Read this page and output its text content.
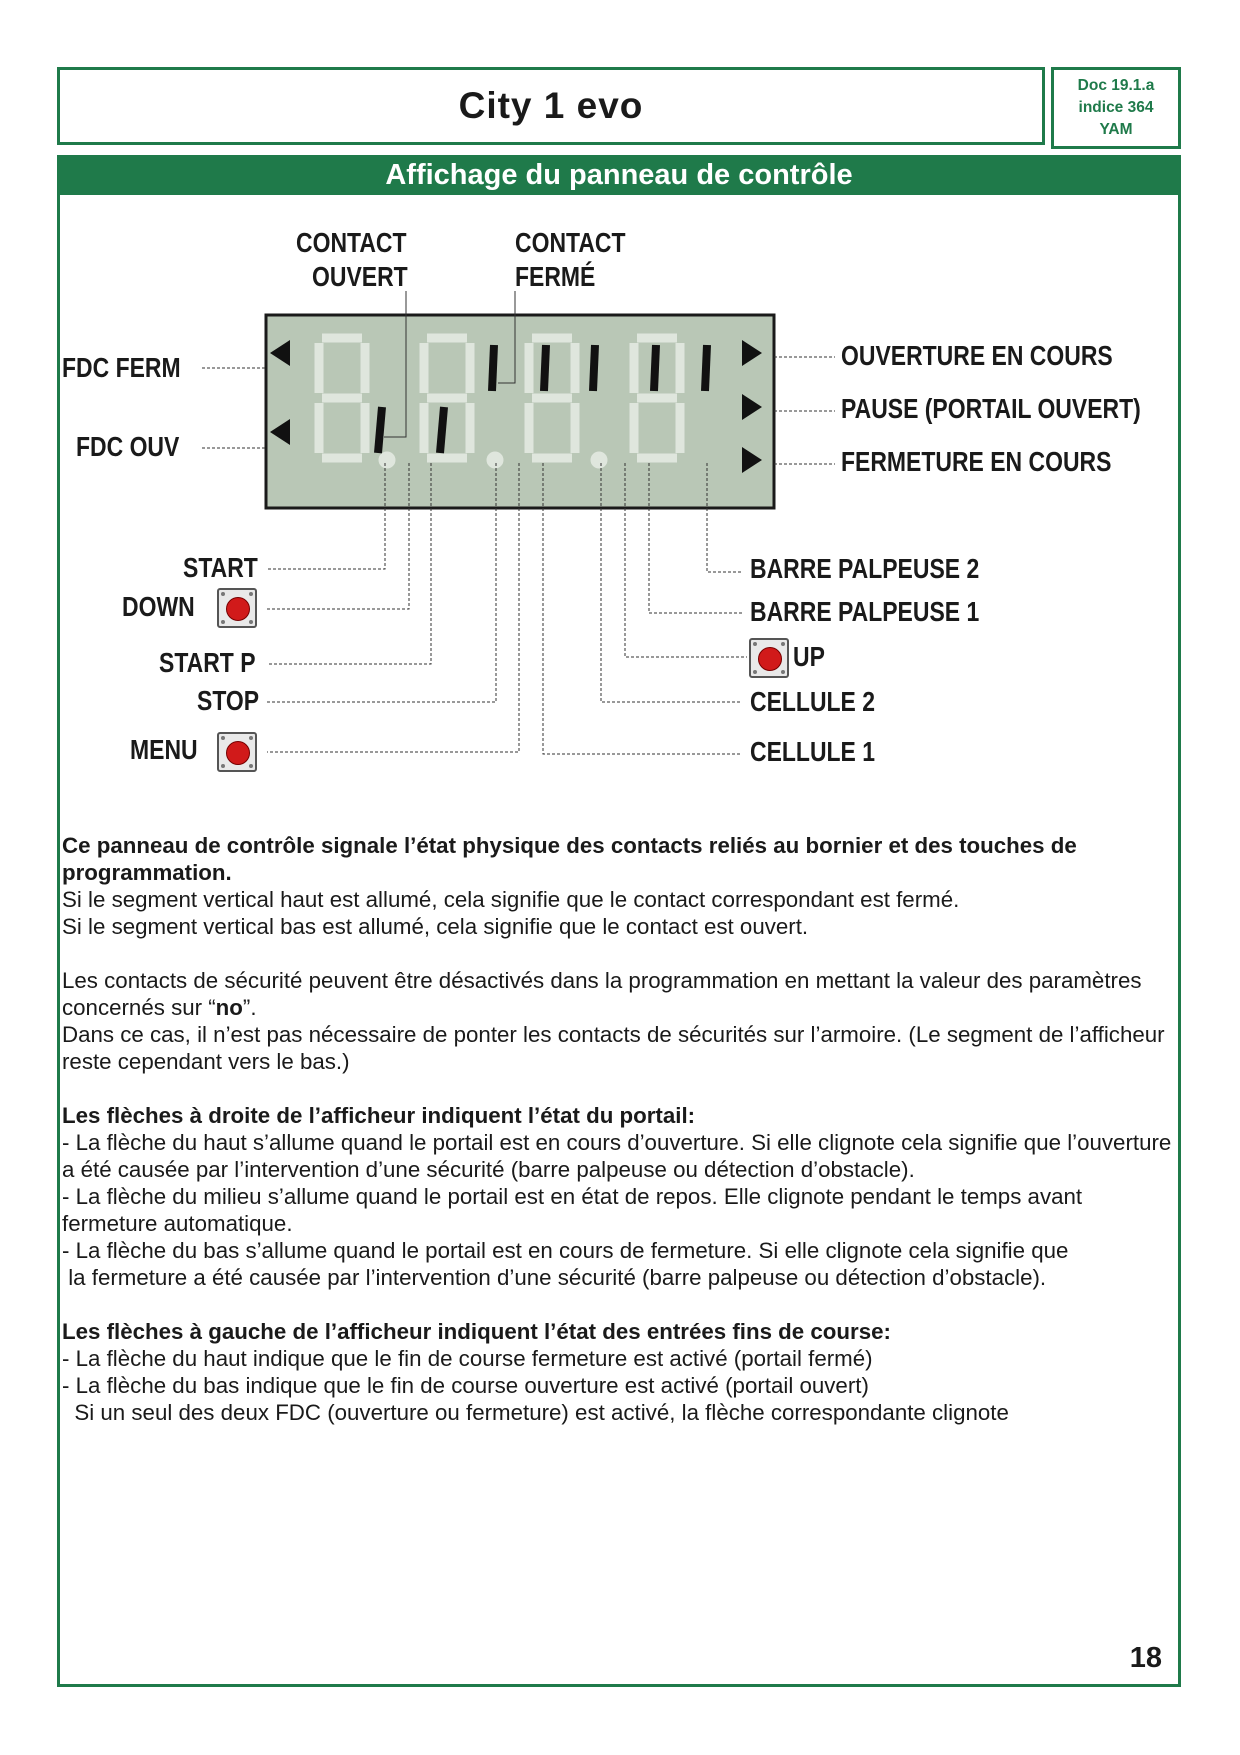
City 1 evo	Doc 19.1.a
indice 364
YAM
Affichage du panneau de contrôle
CONTACT
OUVERT
CONTACT
FERMÉ
FDC FERM
FDC OUV
OUVERTURE EN COURS
PAUSE (PORTAIL OUVERT)
FERMETURE EN COURS
START
DOWN
START P
STOP
MENU
BARRE PALPEUSE 2
BARRE PALPEUSE 1
UP
CELLULE 2
CELLULE 1

Ce panneau de contrôle signale l’état physique des contacts reliés au bornier et des touches de programmation.

Si le segment vertical haut est allumé, cela signifie que le contact correspondant est fermé.

Si le segment vertical bas est allumé, cela signifie que le contact est ouvert.

Les contacts de sécurité peuvent être désactivés dans la programmation en mettant la valeur des paramètres concernés sur “no”.

Dans ce cas, il n’est pas nécessaire de ponter les contacts de sécurités sur l’armoire. (Le segment de l’afficheur reste cependant vers le bas.)

Les flèches à droite de l’afficheur indiquent l’état du portail:

- La flèche du haut s’allume quand le portail est en cours d’ouverture. Si elle clignote cela signifie que l’ouverture a été causée par l’intervention d’une sécurité (barre palpeuse ou détection d’obstacle).

- La flèche du milieu s’allume quand le portail est en état de repos. Elle clignote pendant le temps avant fermeture automatique.

- La flèche du bas s’allume quand le portail est en cours de fermeture. Si elle clignote cela signifie que

la fermeture a été causée par l’intervention d’une sécurité (barre palpeuse ou détection d’obstacle).

Les flèches à gauche de l’afficheur indiquent l’état des entrées fins de course:

- La flèche du haut indique que le fin de course fermeture est activé (portail fermé)

- La flèche du bas indique que le fin de course ouverture est activé (portail ouvert)

Si un seul des deux FDC (ouverture ou fermeture) est activé, la flèche correspondante clignote

18
